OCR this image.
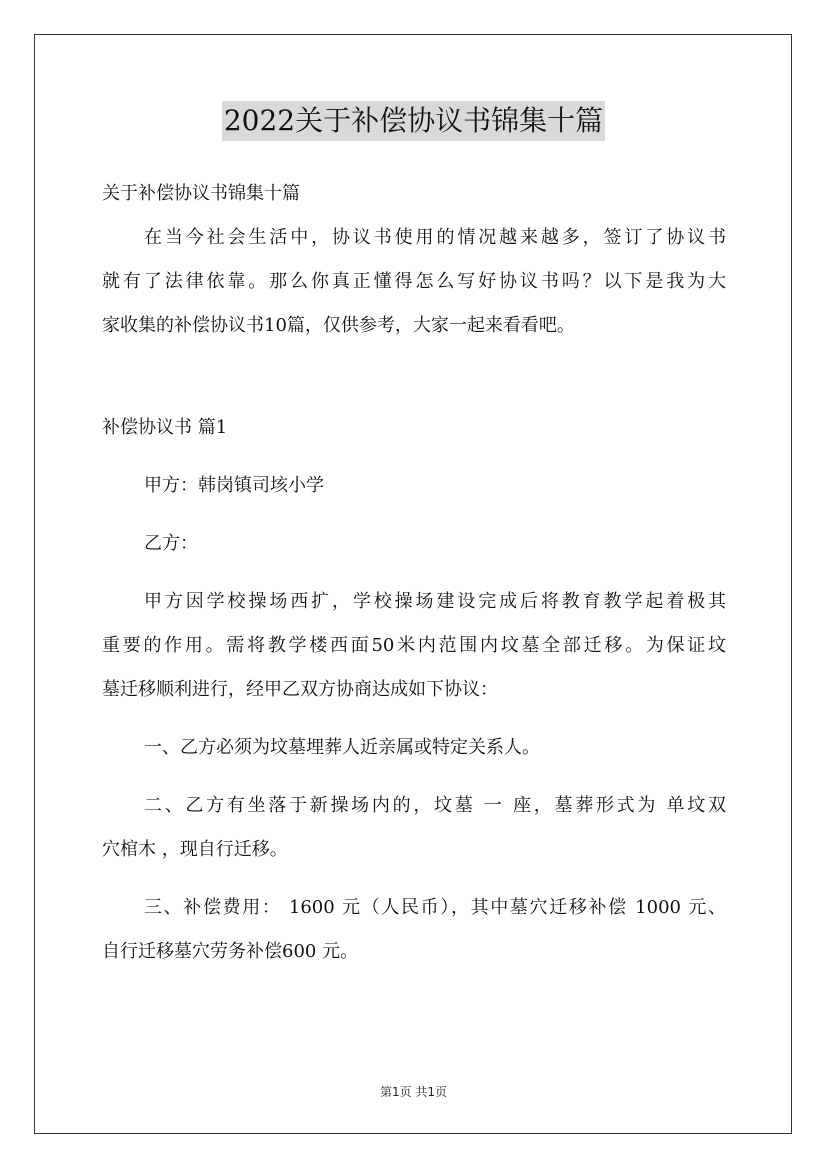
2022关于补偿协议书锦集十篇

关于补偿协议书锦集十篇

在当今社会生活中，协议书使用的情况越来越多，签订了协议书

就有了法律依靠。那么你真正懂得怎么写好协议书吗？以下是我为大

家收集的补偿协议书10篇，仅供参考，大家一起来看看吧。

补偿协议书 篇1

甲方：韩岗镇司垓小学

乙方：

甲方因学校操场西扩，学校操场建设完成后将教育教学起着极其

重要的作用。需将教学楼西面50米内范围内坟墓全部迁移。为保证坟

墓迁移顺利进行，经甲乙双方协商达成如下协议：

一、乙方必须为坟墓埋葬人近亲属或特定关系人。

二、乙方有坐落于新操场内的，坟墓 一 座，墓葬形式为 单坟双

穴棺木 ，现自行迁移。

三、补偿费用： 1600 元（人民币），其中墓穴迁移补偿 1000 元、

自行迁移墓穴劳务补偿600 元。

第1页 共1页
